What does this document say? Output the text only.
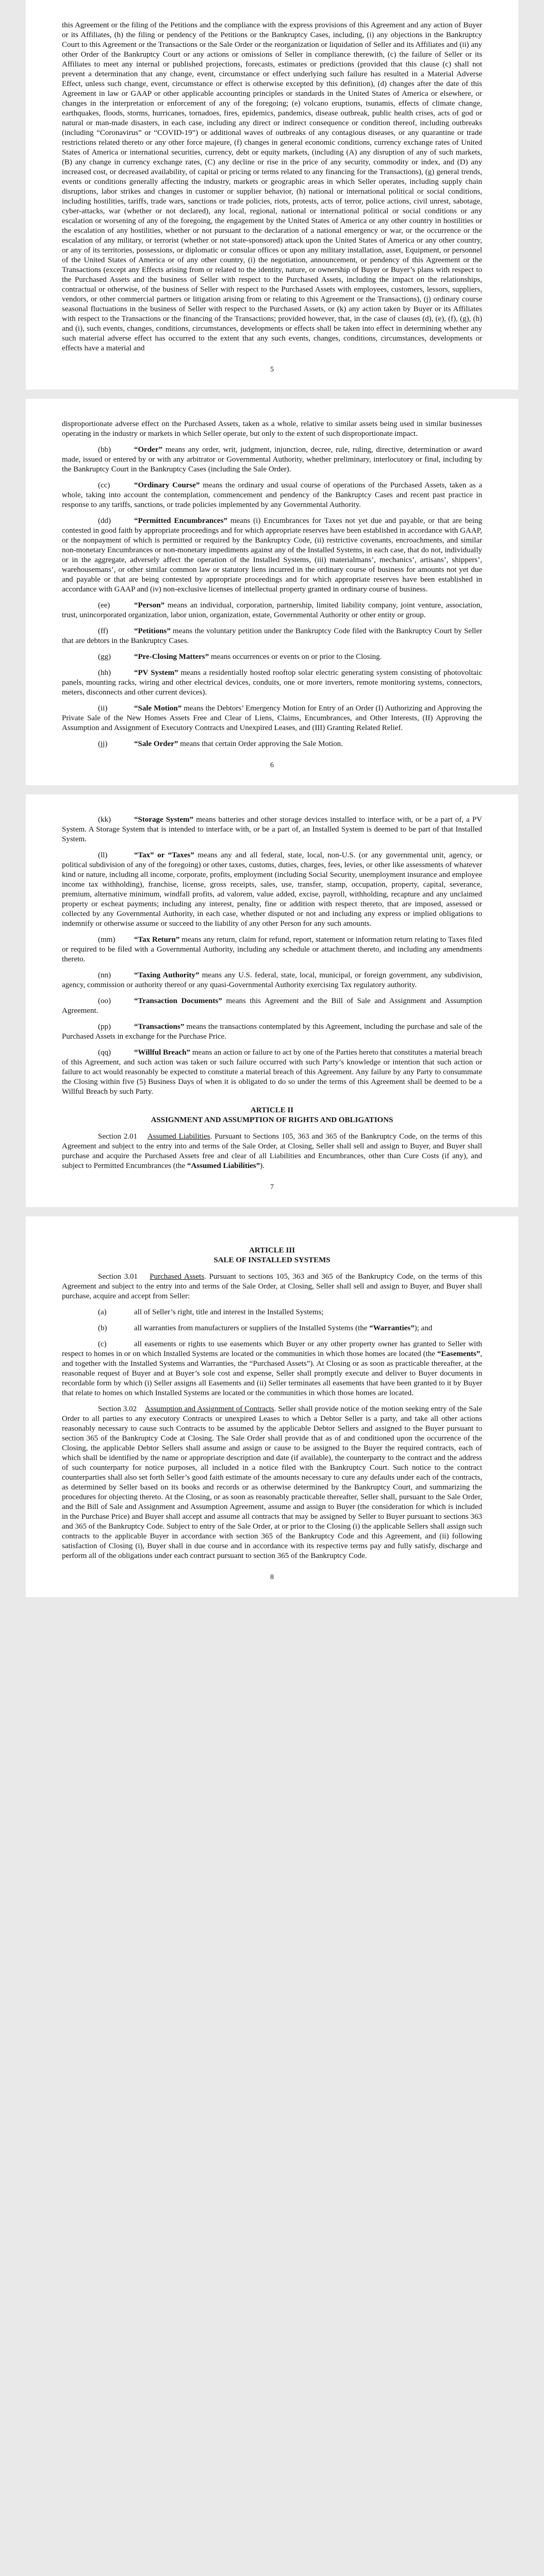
this Agreement or the filing of the Petitions and the compliance with the express provisions of this Agreement and any action of Buyer or its Affiliates, (h) the filing or pendency of the Petitions or the Bankruptcy Cases, including, (i) any objections in the Bankruptcy Court to this Agreement or the Transactions or the Sale Order or the reorganization or liquidation of Seller and its Affiliates and (ii) any other Order of the Bankruptcy Court or any actions or omissions of Seller in compliance therewith, (c) the failure of Seller or its Affiliates to meet any internal or published projections, forecasts, estimates or predictions (provided that this clause (c) shall not prevent a determination that any change, event, circumstance or effect underlying such failure has resulted in a Material Adverse Effect, unless such change, event, circumstance or effect is otherwise excepted by this definition), (d) changes after the date of this Agreement in law or GAAP or other applicable accounting principles or standards in the United States of America or elsewhere, or changes in the interpretation or enforcement of any of the foregoing; (e) volcano eruptions, tsunamis, effects of climate change, earthquakes, floods, storms, hurricanes, tornadoes, fires, epidemics, pandemics, disease outbreak, public health crises, acts of god or natural or man-made disasters, in each case, including any direct or indirect consequence or condition thereof, including outbreaks (including “Coronavirus” or “COVID-19”) or additional waves of outbreaks of any contagious diseases, or any quarantine or trade restrictions related thereto or any other force majeure, (f) changes in general economic conditions, currency exchange rates of United States of America or international securities, currency, debt or equity markets, (including (A) any disruption of any of such markets, (B) any change in currency exchange rates, (C) any decline or rise in the price of any security, commodity or index, and (D) any increased cost, or decreased availability, of capital or pricing or terms related to any financing for the Transactions), (g) general trends, events or conditions generally affecting the industry, markets or geographic areas in which Seller operates, including supply chain disruptions, labor strikes and changes in customer or supplier behavior, (h) national or international political or social conditions, including hostilities, tariffs, trade wars, sanctions or trade policies, riots, protests, acts of terror, police actions, civil unrest, sabotage, cyber-attacks, war (whether or not declared), any local, regional, national or international political or social conditions or any escalation or worsening of any of the foregoing, the engagement by the United States of America or any other country in hostilities or the escalation of any hostilities, whether or not pursuant to the declaration of a national emergency or war, or the occurrence or the escalation of any military, or terrorist (whether or not state-sponsored) attack upon the United States of America or any other country, or any of its territories, possessions, or diplomatic or consular offices or upon any military installation, asset, Equipment, or personnel of the United States of America or of any other country, (i) the negotiation, announcement, or pendency of this Agreement or the Transactions (except any Effects arising from or related to the identity, nature, or ownership of Buyer or Buyer’s plans with respect to the Purchased Assets and the business of Seller with respect to the Purchased Assets, including the impact on the relationships, contractual or otherwise, of the business of Seller with respect to the Purchased Assets with employees, customers, lessors, suppliers, vendors, or other commercial partners or litigation arising from or relating to this Agreement or the Transactions), (j) ordinary course seasonal fluctuations in the business of Seller with respect to the Purchased Assets, or (k) any action taken by Buyer or its Affiliates with respect to the Transactions or the financing of the Transactions; provided however, that, in the case of clauses (d), (e), (f), (g), (h) and (i), such events, changes, conditions, circumstances, developments or effects shall be taken into effect in determining whether any such material adverse effect has occurred to the extent that any such events, changes, conditions, circumstances, developments or effects have a material and

5

disproportionate adverse effect on the Purchased Assets, taken as a whole, relative to similar assets being used in similar businesses operating in the industry or markets in which Seller operate, but only to the extent of such disproportionate impact.

(bb)	“Order” means any order, writ, judgment, injunction, decree, rule, ruling, directive, determination or award made, issued or entered by or with any arbitrator or Governmental Authority, whether preliminary, interlocutory or final, including by the Bankruptcy Court in the Bankruptcy Cases (including the Sale Order).

(cc)	“Ordinary Course” means the ordinary and usual course of operations of the Purchased Assets, taken as a whole, taking into account the contemplation, commencement and pendency of the Bankruptcy Cases and recent past practice in response to any tariffs, sanctions, or trade policies implemented by any Governmental Authority.

(dd)	“Permitted Encumbrances” means (i) Encumbrances for Taxes not yet due and payable, or that are being contested in good faith by appropriate proceedings and for which appropriate reserves have been established in accordance with GAAP, or the nonpayment of which is permitted or required by the Bankruptcy Code, (ii) restrictive covenants, encroachments, and similar non-monetary Encumbrances or non-monetary impediments against any of the Installed Systems, in each case, that do not, individually or in the aggregate, adversely affect the operation of the Installed Systems, (iii) materialmans’, mechanics’, artisans’, shippers’, warehousemans’, or other similar common law or statutory liens incurred in the ordinary course of business for amounts not yet due and payable or that are being contested by appropriate proceedings and for which appropriate reserves have been established in accordance with GAAP and (iv) non-exclusive licenses of intellectual property granted in ordinary course of business.

(ee)	“Person” means an individual, corporation, partnership, limited liability company, joint venture, association, trust, unincorporated organization, labor union, organization, estate, Governmental Authority or other entity or group.

(ff)	“Petitions” means the voluntary petition under the Bankruptcy Code filed with the Bankruptcy Court by Seller that are debtors in the Bankruptcy Cases.

(gg)	“Pre-Closing Matters” means occurrences or events on or prior to the Closing.

(hh)	“PV System” means a residentially hosted rooftop solar electric generating system consisting of photovoltaic panels, mounting racks, wiring and other electrical devices, conduits, one or more inverters, remote monitoring systems, connectors, meters, disconnects and other current devices).

(ii)	“Sale Motion” means the Debtors’ Emergency Motion for Entry of an Order (I) Authorizing and Approving the Private Sale of the New Homes Assets Free and Clear of Liens, Claims, Encumbrances, and Other Interests, (II) Approving the Assumption and Assignment of Executory Contracts and Unexpired Leases, and (III) Granting Related Relief.

(jj)	“Sale Order” means that certain Order approving the Sale Motion.

6

(kk)	“Storage System” means batteries and other storage devices installed to interface with, or be a part of, a PV System. A Storage System that is intended to interface with, or be a part of, an Installed System is deemed to be part of that Installed System.

(ll)	“Tax” or “Taxes” means any and all federal, state, local, non-U.S. (or any governmental unit, agency, or political subdivision of any of the foregoing) or other taxes, customs, duties, charges, fees, levies, or other like assessments of whatever kind or nature, including all income, corporate, profits, employment (including Social Security, unemployment insurance and employee income tax withholding), franchise, license, gross receipts, sales, use, transfer, stamp, occupation, property, capital, severance, premium, alternative minimum, windfall profits, ad valorem, value added, excise, payroll, withholding, recapture and any unclaimed property or escheat payments; including any interest, penalty, fine or addition with respect thereto, that are imposed, assessed or collected by any Governmental Authority, in each case, whether disputed or not and including any express or implied obligations to indemnify or otherwise assume or succeed to the liability of any other Person for any such amounts.

(mm) “Tax Return” means any return, claim for refund, report, statement or information return relating to Taxes filed or required to be filed with a Governmental Authority, including any schedule or attachment thereto, and including any amendments thereto.

(nn)	“Taxing Authority” means any U.S. federal, state, local, municipal, or foreign government, any subdivision, agency, commission or authority thereof or any quasi-Governmental Authority exercising Tax regulatory authority.

(oo)	“Transaction Documents” means this Agreement and the Bill of Sale and Assignment and Assumption Agreement.

(pp)	“Transactions” means the transactions contemplated by this Agreement, including the purchase and sale of the Purchased Assets in exchange for the Purchase Price.

(qq)	“Willful Breach” means an action or failure to act by one of the Parties hereto that constitutes a material breach of this Agreement, and such action was taken or such failure occurred with such Party’s knowledge or intention that such action or failure to act would reasonably be expected to constitute a material breach of this Agreement. Any failure by any Party to consummate the Closing within five (5) Business Days of when it is obligated to do so under the terms of this Agreement shall be deemed to be a Willful Breach by such Party.

ARTICLE II
ASSIGNMENT AND ASSUMPTION OF RIGHTS AND OBLIGATIONS

Section 2.01 Assumed Liabilities. Pursuant to Sections 105, 363 and 365 of the Bankruptcy Code, on the terms of this Agreement and subject to the entry into and terms of the Sale Order, at Closing, Seller shall sell and assign to Buyer, and Buyer shall purchase and acquire the Purchased Assets free and clear of all Liabilities and Encumbrances, other than Cure Costs (if any), and subject to Permitted Encumbrances (the “Assumed Liabilities”).

7
ARTICLE III
SALE OF INSTALLED SYSTEMS

Section 3.01 Purchased Assets. Pursuant to sections 105, 363 and 365 of the Bankruptcy Code, on the terms of this Agreement and subject to the entry into and terms of the Sale Order, at Closing, Seller shall sell and assign to Buyer, and Buyer shall purchase, acquire and accept from Seller:

(a)	all of Seller’s right, title and interest in the Installed Systems;

(b)	all warranties from manufacturers or suppliers of the Installed Systems (the “Warranties”); and

(c)	all easements or rights to use easements which Buyer or any other property owner has granted to Seller with respect to homes in or on which Installed Systems are located or the communities in which those homes are located (the “Easements”, and together with the Installed Systems and Warranties, the “Purchased Assets”). At Closing or as soon as practicable thereafter, at the reasonable request of Buyer and at Buyer’s sole cost and expense, Seller shall promptly execute and deliver to Buyer documents in recordable form by which (i) Seller assigns all Easements and (ii) Seller terminates all easements that have been granted to it by Buyer that relate to homes on which Installed Systems are located or the communities in which those homes are located.

Section 3.02 Assumption and Assignment of Contracts. Seller shall provide notice of the motion seeking entry of the Sale Order to all parties to any executory Contracts or unexpired Leases to which a Debtor Seller is a party, and take all other actions reasonably necessary to cause such Contracts to be assumed by the applicable Debtor Sellers and assigned to the Buyer pursuant to section 365 of the Bankruptcy Code at Closing. The Sale Order shall provide that as of and conditioned upon the occurrence of the Closing, the applicable Debtor Sellers shall assume and assign or cause to be assigned to the Buyer the required contracts, each of which shall be identified by the name or appropriate description and date (if available), the counterparty to the contract and the address of such counterparty for notice purposes, all included in a notice filed with the Bankruptcy Court. Such notice to the contract counterparties shall also set forth Seller’s good faith estimate of the amounts necessary to cure any defaults under each of the contracts, as determined by Seller based on its books and records or as otherwise determined by the Bankruptcy Court, and summarizing the procedures for objecting thereto. At the Closing, or as soon as reasonably practicable thereafter, Seller shall, pursuant to the Sale Order, and the Bill of Sale and Assignment and Assumption Agreement, assume and assign to Buyer (the consideration for which is included in the Purchase Price) and Buyer shall accept and assume all contracts that may be assigned by Seller to Buyer pursuant to sections 363 and 365 of the Bankruptcy Code. Subject to entry of the Sale Order, at or prior to the Closing (i) the applicable Sellers shall assign such contracts to the applicable Buyer in accordance with section 365 of the Bankruptcy Code and this Agreement, and (ii) following satisfaction of Closing (i), Buyer shall in due course and in accordance with its respective terms pay and fully satisfy, discharge and perform all of the obligations under each contract pursuant to section 365 of the Bankruptcy Code.

8
